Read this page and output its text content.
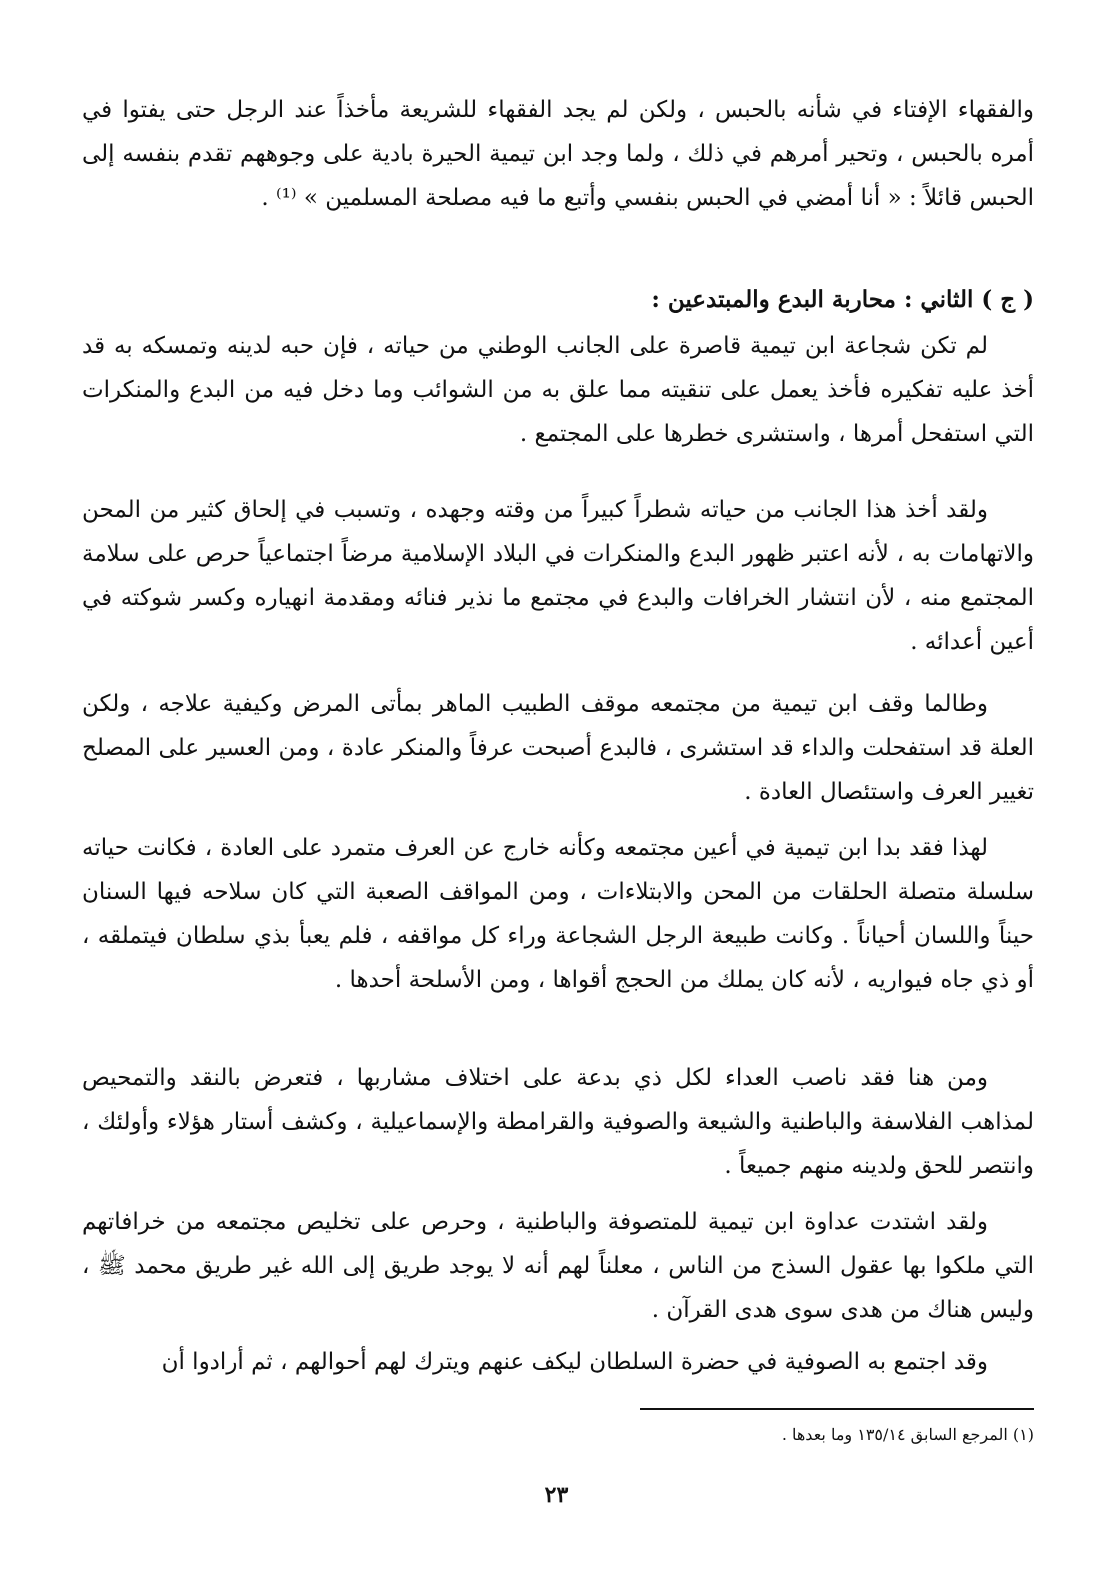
والفقهاء الإفتاء في شأنه بالحبس ، ولكن لم يجد الفقهاء للشريعة مأخذاً عند الرجل حتى يفتوا في أمره بالحبس ، وتحير أمرهم في ذلك ، ولما وجد ابن تيمية الحيرة بادية على وجوههم تقدم بنفسه إلى الحبس قائلاً : « أنا أمضي في الحبس بنفسي وأتبع ما فيه مصلحة المسلمين » ⁽¹⁾ .

( ج ) الثاني : محاربة البدع والمبتدعين :

لم تكن شجاعة ابن تيمية قاصرة على الجانب الوطني من حياته ، فإن حبه لدينه وتمسكه به قد أخذ عليه تفكيره فأخذ يعمل على تنقيته مما علق به من الشوائب وما دخل فيه من البدع والمنكرات التي استفحل أمرها ، واستشرى خطرها على المجتمع .

ولقد أخذ هذا الجانب من حياته شطراً كبيراً من وقته وجهده ، وتسبب في إلحاق كثير من المحن والاتهامات به ، لأنه اعتبر ظهور البدع والمنكرات في البلاد الإسلامية مرضاً اجتماعياً حرص على سلامة المجتمع منه ، لأن انتشار الخرافات والبدع في مجتمع ما نذير فنائه ومقدمة انهياره وكسر شوكته في أعين أعدائه .

وطالما وقف ابن تيمية من مجتمعه موقف الطبيب الماهر بمأتى المرض وكيفية علاجه ، ولكن العلة قد استفحلت والداء قد استشرى ، فالبدع أصبحت عرفاً والمنكر عادة ، ومن العسير على المصلح تغيير العرف واستئصال العادة .

لهذا فقد بدا ابن تيمية في أعين مجتمعه وكأنه خارج عن العرف متمرد على العادة ، فكانت حياته سلسلة متصلة الحلقات من المحن والابتلاءات ، ومن المواقف الصعبة التي كان سلاحه فيها السنان حيناً واللسان أحياناً . وكانت طبيعة الرجل الشجاعة وراء كل مواقفه ، فلم يعبأ بذي سلطان فيتملقه ، أو ذي جاه فيواريه ، لأنه كان يملك من الحجج أقواها ، ومن الأسلحة أحدها .

ومن هنا فقد ناصب العداء لكل ذي بدعة على اختلاف مشاربها ، فتعرض بالنقد والتمحيص لمذاهب الفلاسفة والباطنية والشيعة والصوفية والقرامطة والإسماعيلية ، وكشف أستار هؤلاء وأولئك ، وانتصر للحق ولدينه منهم جميعاً .

ولقد اشتدت عداوة ابن تيمية للمتصوفة والباطنية ، وحرص على تخليص مجتمعه من خرافاتهم التي ملكوا بها عقول السذج من الناس ، معلناً لهم أنه لا يوجد طريق إلى الله غير طريق محمد ﷺ ، وليس هناك من هدى سوى هدى القرآن .

وقد اجتمع به الصوفية في حضرة السلطان ليكف عنهم ويترك لهم أحوالهم ، ثم أرادوا أن

(١) المرجع السابق ١٣٥/١٤ وما بعدها .
٢٣
